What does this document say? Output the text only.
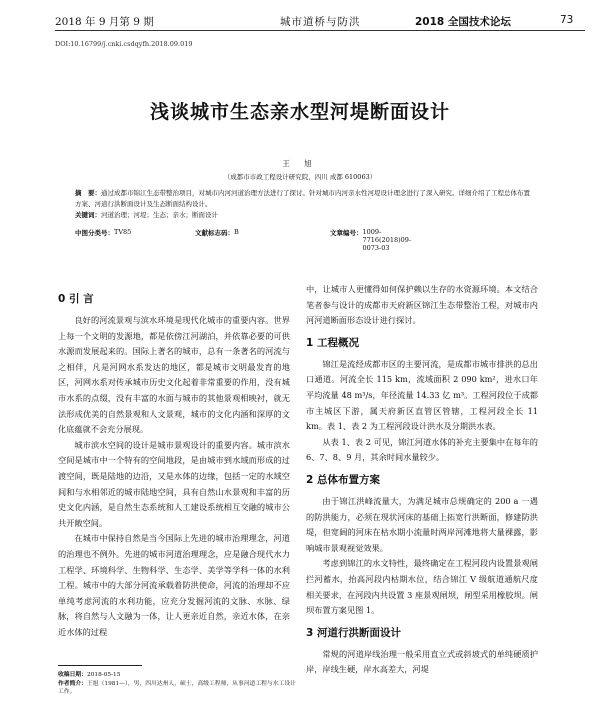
2018 年 9 月第 9 期	城市道桥与防洪	2018 全国技术论坛	73
DOI:10.16799/j.cnki.csdqyfh.2018.09.019
浅谈城市生态亲水型河堤断面设计
王 旭
（成都市市政工程设计研究院，四川 成都 610063）
摘　要：通过成都市锦江生态带整治项目，对城市内河河道治理方法进行了探讨。针对城市内河亲水性河堤设计理念进行了深入研究。详细介绍了工程总体布置方案、河道行洪断面设计及生态断面结构设计。
关键词：河道治理；河堤；生态；亲水；断面设计
中图分类号： TV85	文献标志码： B	文章编号： 1009-7716(2018)09-0073-03
0 引 言

良好的河流景观与滨水环境是现代化城市的重要内容。世界上每一个文明的发源地，都是依傍江河湖泊，并依靠必要的可供水源而发展起来的。国际上著名的城市，总有一条著名的河流与之相伴，凡是河网水系发达的地区，都是城市文明最发育的地区，河网水系对传承城市历史文化起着非常重要的作用，没有城市水系的点缀，没有丰富的水面与城市的其他景观相映衬，就无法形成优美的自然景观和人文景观，城市的文化内涵和深厚的文化底蕴就不会充分展现。

城市滨水空间的设计是城市景观设计的重要内容。城市滨水空间是城市中一个特有的空间地段，是由城市到水域而形成的过渡空间，既是陆地的边沿，又是水体的边缘，包括一定的水域空间和与水相邻近的城市陆地空间，具有自然山水景观和丰富的历史文化内涵，是自然生态系统和人工建设系统相互交融的城市公共开敞空间。

在城市中保持自然是当今国际上先进的城市治理理念，河道的治理也不例外。先进的城市河道治理理念，应是融合现代水力工程学、环境科学、生物科学、生态学、美学等学科一体的水利工程。城市中的大部分河流承载着防洪使命，河流的治理却不应单纯考虑河流的水利功能，应充分发掘河流的文脉、水脉、绿脉，将自然与人文融为一体，让人更亲近自然，亲近水体，在亲近水体的过程

收稿日期：2018-05-15
作者简介：王旭（1981—），男，四川达州人，硕士，高级工程师，从事河道工程与水工设计工作。

中，让城市人更懂得如何保护赖以生存的水资源环境。本文结合笔者参与设计的成都市天府新区锦江生态带整治工程，对城市内河河道断面形态设计进行探讨。

1 工程概况

锦江是流经成都市区的主要河流，是成都市城市排洪的总出口通道。河流全长 115 km，流域面积 2 090 km²，进水口年平均流量 48 m³/s，年径流量 14.33 亿 m³。工程河段位于成都市主城区下游，属天府新区直管区管辖，工程河段全长 11 km。表 1、表 2 为工程河段设计洪水及分期洪水表。

从表 1、表 2 可见，锦江河道水体的补充主要集中在每年的 6、7、8、9 月，其余时间水量较少。

2 总体布置方案

由于锦江洪峰流量大，为满足城市总规确定的 200 a 一遇的防洪能力，必须在现状河床的基础上拓宽行洪断面，修建防洪堤，但宽阔的河床在枯水期小流量时两岸河滩地将大量裸露，影响城市景观视觉效果。

考虑到锦江的水文特性，最终确定在工程河段内设置景观闸拦河蓄水，抬高河段内枯期水位，结合锦江 V 级航道通航尺度相关要求，在河段内共设置 3 座景观闸坝，闸型采用橡胶坝。闸坝布置方案见图 1。

3 河道行洪断面设计

常规的河道岸线治理一般采用直立式或斜坡式的单纯硬质护岸，岸线生硬，岸水高差大，河堤
